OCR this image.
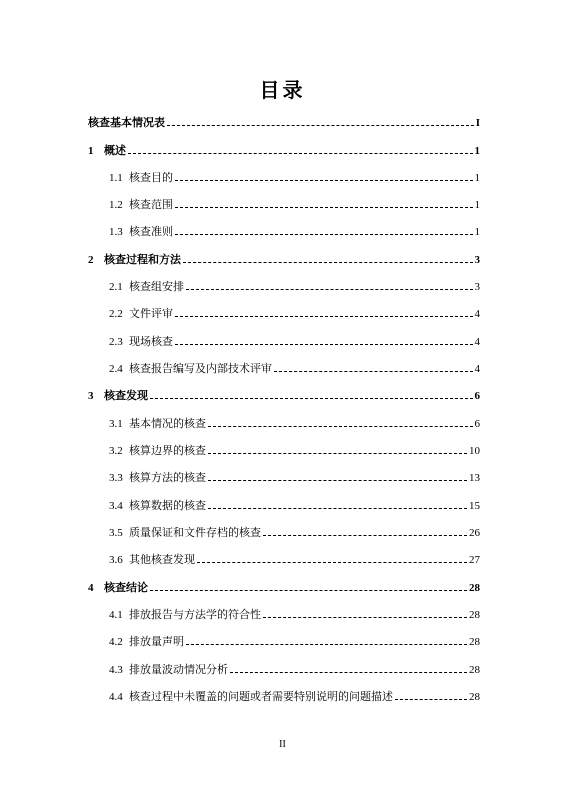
目录
核查基本情况表	I
1 概述	1
1.1 核查目的	1
1.2 核查范围	1
1.3 核查准则	1
2 核查过程和方法	3
2.1 核查组安排	3
2.2 文件评审	4
2.3 现场核查	4
2.4 核查报告编写及内部技术评审	4
3 核查发现	6
3.1 基本情况的核查	6
3.2 核算边界的核查	10
3.3 核算方法的核查	13
3.4 核算数据的核查	15
3.5 质量保证和文件存档的核查	26
3.6 其他核查发现	27
4 核查结论	28
4.1 排放报告与方法学的符合性	28
4.2 排放量声明	28
4.3 排放量波动情况分析	28
4.4 核查过程中未覆盖的问题或者需要特别说明的问题描述	28
II
